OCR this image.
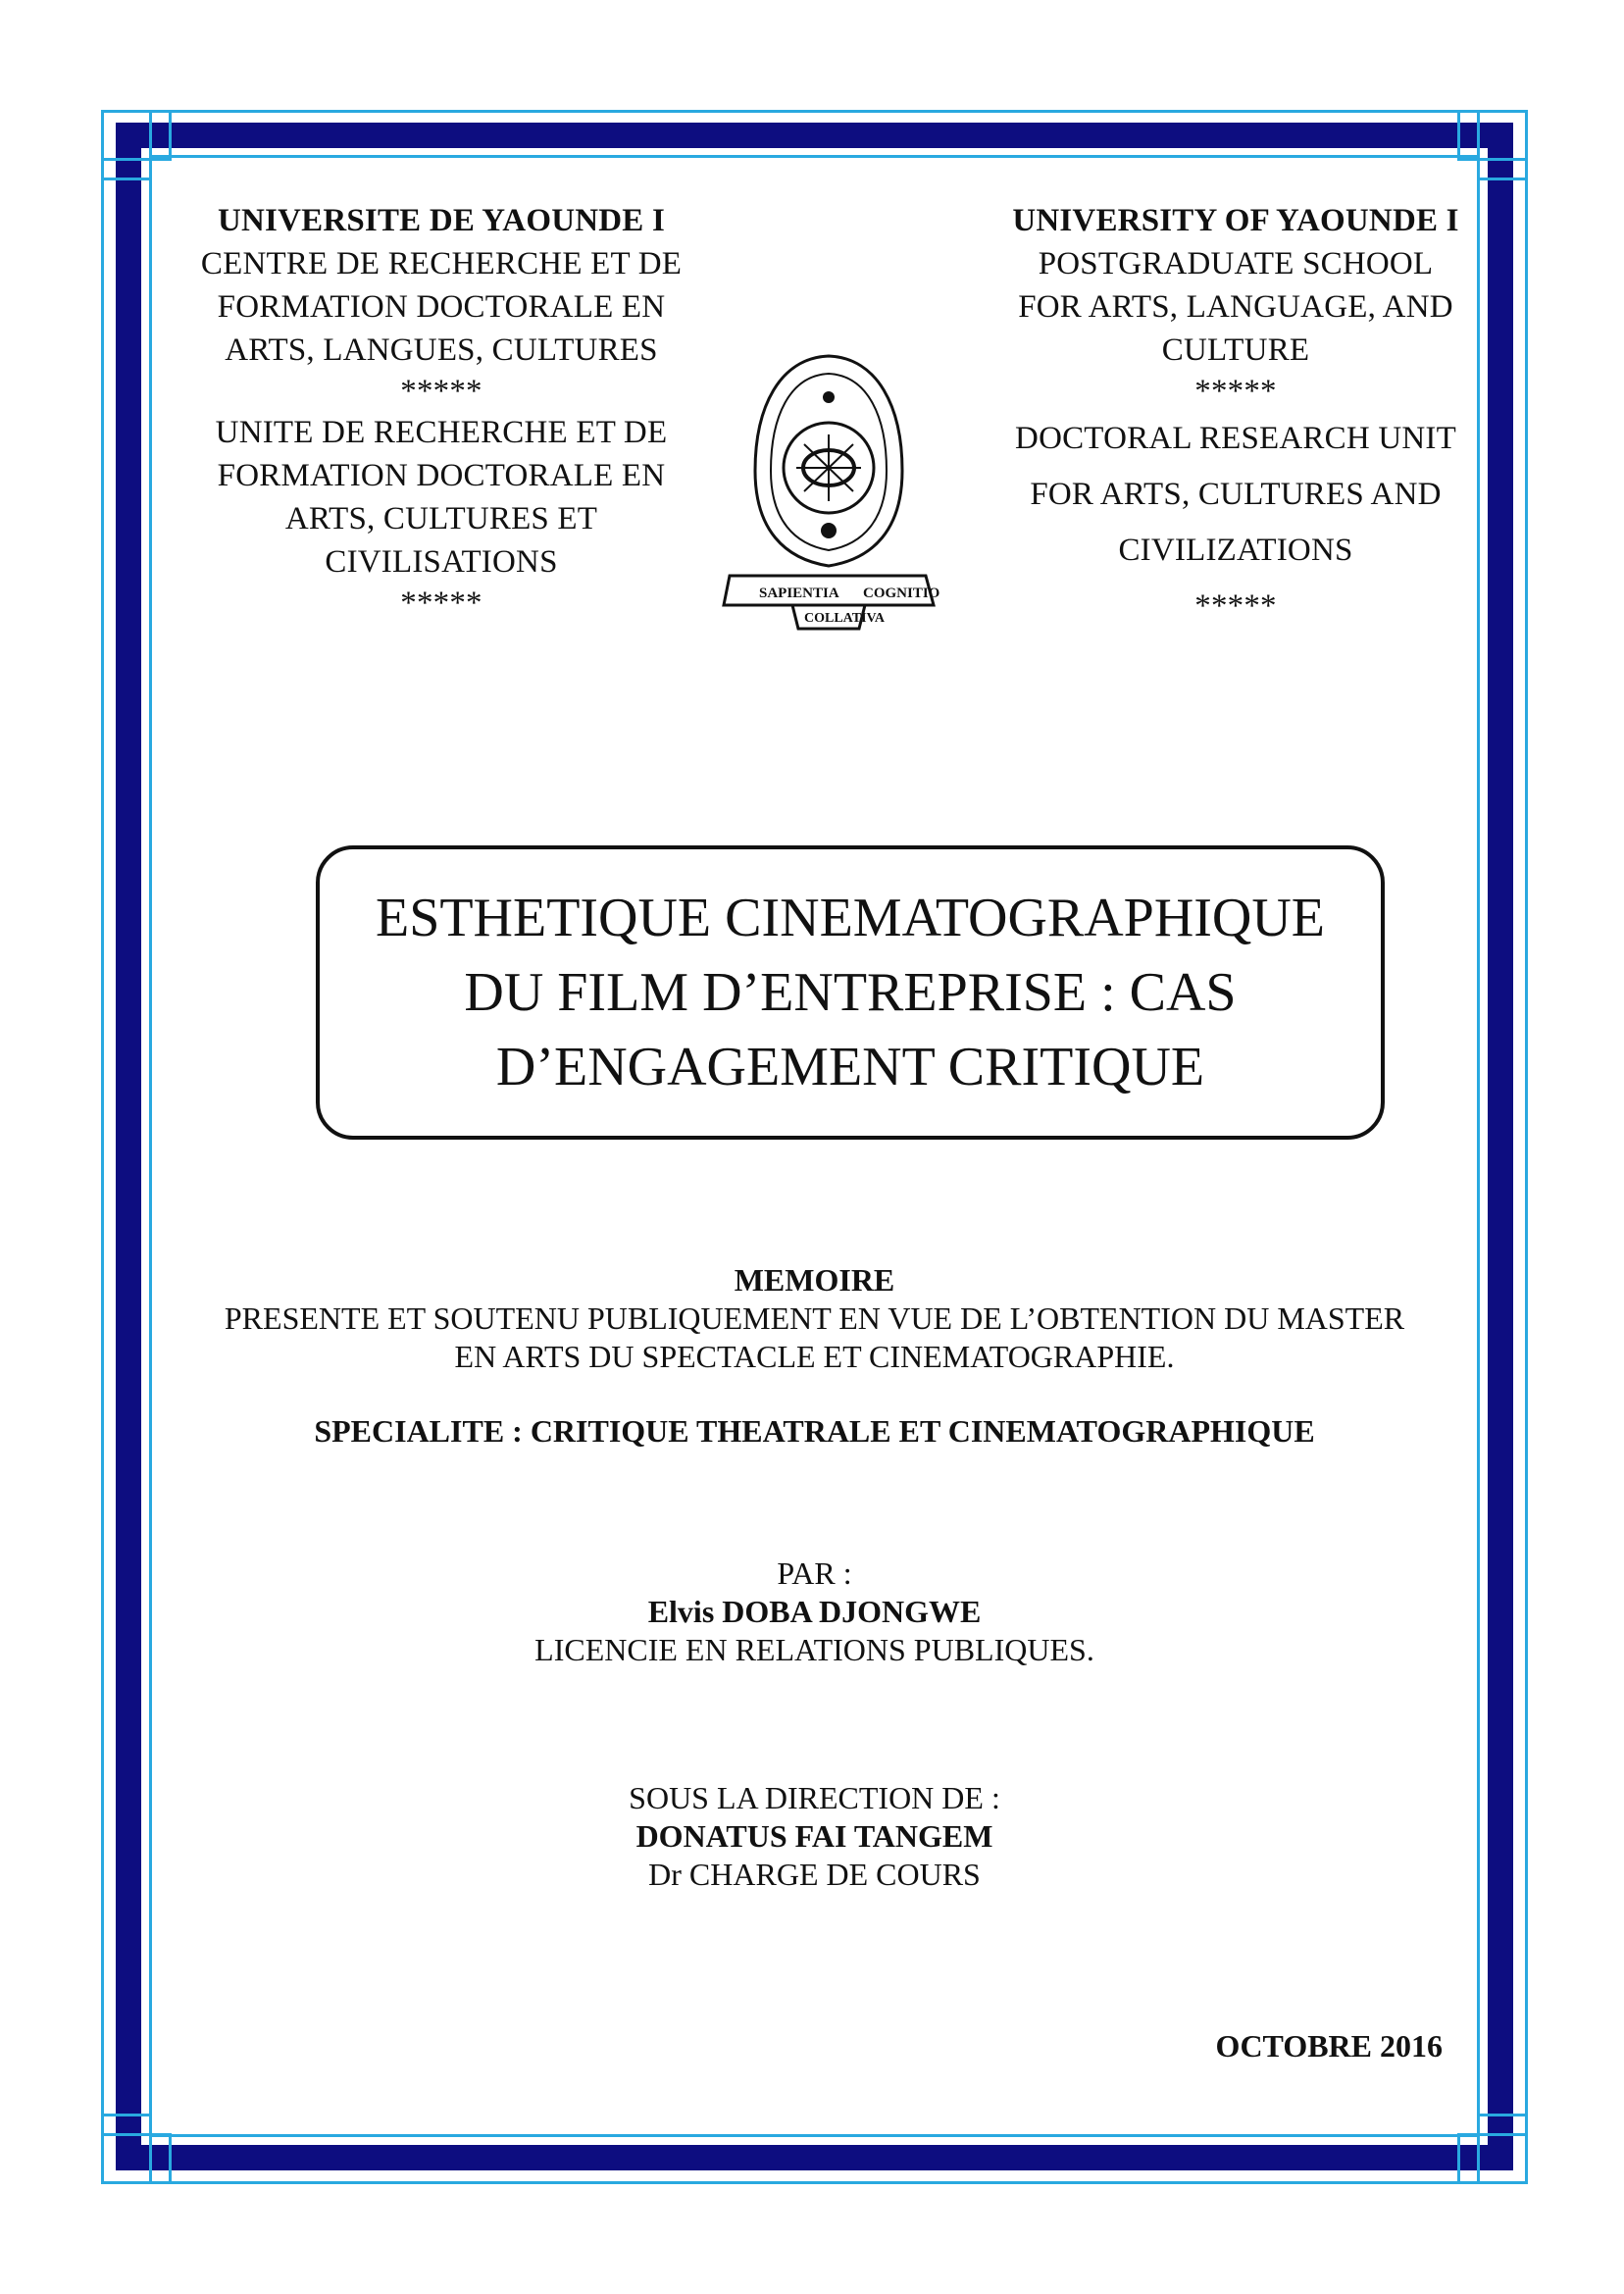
UNIVERSITE DE YAOUNDE I
CENTRE DE RECHERCHE ET DE
FORMATION DOCTORALE EN
ARTS, LANGUES, CULTURES
*****
UNITE DE RECHERCHE ET DE
FORMATION DOCTORALE EN
ARTS, CULTURES ET
CIVILISATIONS
*****
UNIVERSITY OF YAOUNDE I
POSTGRADUATE SCHOOL
FOR ARTS, LANGUAGE, AND
CULTURE
*****
DOCTORAL RESEARCH UNIT
FOR ARTS, CULTURES AND
CIVILIZATIONS
*****
SAPIENTIA COGNITIO
COLLATIVA
ESTHETIQUE CINEMATOGRAPHIQUE
DU FILM D’ENTREPRISE : CAS
D’ENGAGEMENT CRITIQUE
MEMOIRE
PRESENTE ET SOUTENU PUBLIQUEMENT EN VUE DE L’OBTENTION DU MASTER
EN ARTS DU SPECTACLE ET CINEMATOGRAPHIE.
SPECIALITE : CRITIQUE THEATRALE ET CINEMATOGRAPHIQUE
PAR :
Elvis DOBA DJONGWE
LICENCIE EN RELATIONS PUBLIQUES.
SOUS LA DIRECTION DE :
DONATUS FAI TANGEM
Dr CHARGE DE COURS
OCTOBRE 2016
